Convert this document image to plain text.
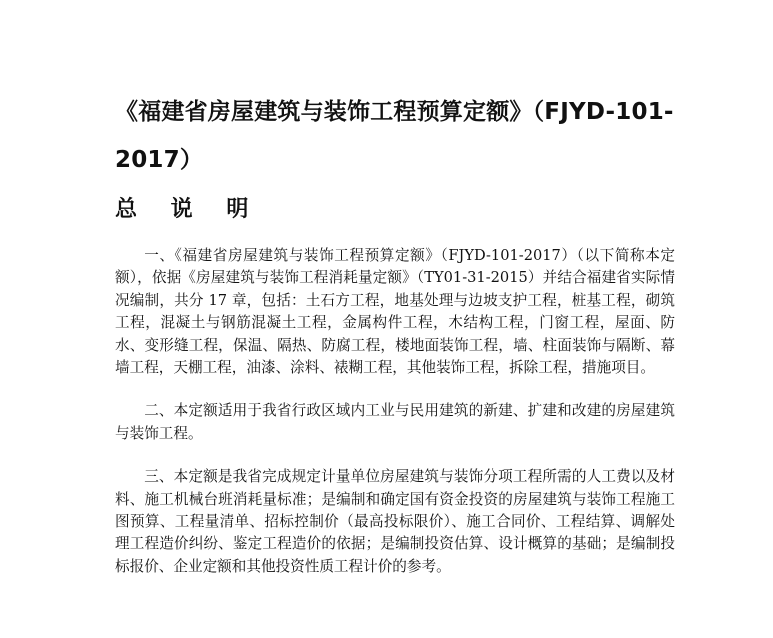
《福建省房屋建筑与装饰工程预算定额》（FJYD-101-2017）
总 说 明

一、《福建省房屋建筑与装饰工程预算定额》（FJYD-101-2017）（以下简称本定额），依据《房屋建筑与装饰工程消耗量定额》（TY01-31-2015）并结合福建省实际情况编制，共分 17 章，包括：土石方工程，地基处理与边坡支护工程，桩基工程，砌筑工程，混凝土与钢筋混凝土工程，金属构件工程，木结构工程，门窗工程，屋面、防水、变形缝工程，保温、隔热、防腐工程，楼地面装饰工程，墙、柱面装饰与隔断、幕墙工程，天棚工程，油漆、涂料、裱糊工程，其他装饰工程，拆除工程，措施项目。

二、本定额适用于我省行政区域内工业与民用建筑的新建、扩建和改建的房屋建筑与装饰工程。

三、本定额是我省完成规定计量单位房屋建筑与装饰分项工程所需的人工费以及材料、施工机械台班消耗量标准；是编制和确定国有资金投资的房屋建筑与装饰工程施工图预算、工程量清单、招标控制价（最高投标限价）、施工合同价、工程结算、调解处理工程造价纠纷、鉴定工程造价的依据；是编制投资估算、设计概算的基础；是编制投标报价、企业定额和其他投资性质工程计价的参考。
